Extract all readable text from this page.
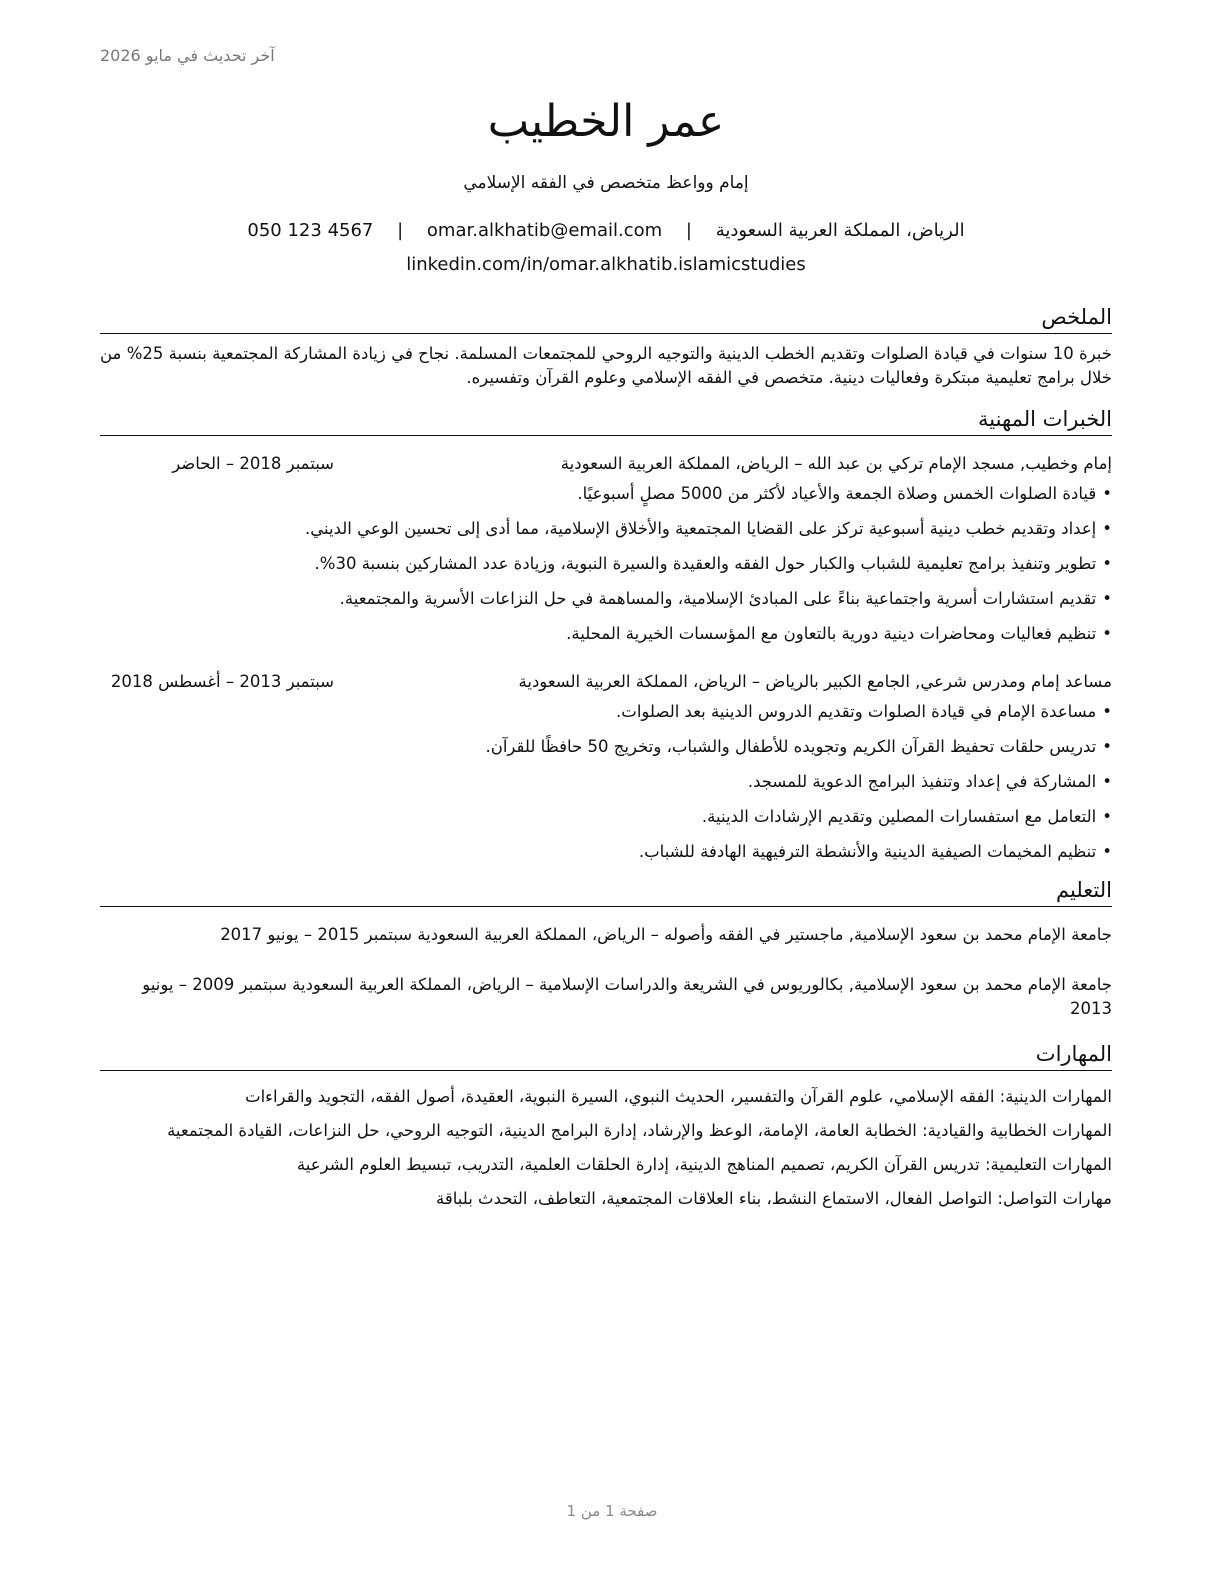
آخر تحديث في مايو 2026
عمر الخطيب
إمام وواعظ متخصص في الفقه الإسلامي
الرياض، المملكة العربية السعودية | omar.alkhatib@email.com | 050 123 4567
linkedin.com/in/omar.alkhatib.islamicstudies
الملخص
خبرة 10 سنوات في قيادة الصلوات وتقديم الخطب الدينية والتوجيه الروحي للمجتمعات المسلمة. نجاح في زيادة المشاركة المجتمعية بنسبة 25% من خلال برامج تعليمية مبتكرة وفعاليات دينية. متخصص في الفقه الإسلامي وعلوم القرآن وتفسيره.
الخبرات المهنية
إمام وخطيب, مسجد الإمام تركي بن عبد الله – الرياض، المملكة العربية السعودية
سبتمبر 2018 – الحاضر
•قيادة الصلوات الخمس وصلاة الجمعة والأعياد لأكثر من 5000 مصلٍ أسبوعيًا.
•إعداد وتقديم خطب دينية أسبوعية تركز على القضايا المجتمعية والأخلاق الإسلامية، مما أدى إلى تحسين الوعي الديني.
•تطوير وتنفيذ برامج تعليمية للشباب والكبار حول الفقه والعقيدة والسيرة النبوية، وزيادة عدد المشاركين بنسبة 30%.
•تقديم استشارات أسرية واجتماعية بناءً على المبادئ الإسلامية، والمساهمة في حل النزاعات الأسرية والمجتمعية.
•تنظيم فعاليات ومحاضرات دينية دورية بالتعاون مع المؤسسات الخيرية المحلية.
مساعد إمام ومدرس شرعي, الجامع الكبير بالرياض – الرياض، المملكة العربية السعودية
سبتمبر 2013 – أغسطس 2018
•مساعدة الإمام في قيادة الصلوات وتقديم الدروس الدينية بعد الصلوات.
•تدريس حلقات تحفيظ القرآن الكريم وتجويده للأطفال والشباب، وتخريج 50 حافظًا للقرآن.
•المشاركة في إعداد وتنفيذ البرامج الدعوية للمسجد.
•التعامل مع استفسارات المصلين وتقديم الإرشادات الدينية.
•تنظيم المخيمات الصيفية الدينية والأنشطة الترفيهية الهادفة للشباب.
التعليم
جامعة الإمام محمد بن سعود الإسلامية, ماجستير في الفقه وأصوله – الرياض، المملكة العربية السعودية سبتمبر 2015 – يونيو 2017
جامعة الإمام محمد بن سعود الإسلامية, بكالوريوس في الشريعة والدراسات الإسلامية – الرياض، المملكة العربية السعودية سبتمبر 2009 – يونيو 2013
المهارات
المهارات الدينية: الفقه الإسلامي، علوم القرآن والتفسير، الحديث النبوي، السيرة النبوية، العقيدة، أصول الفقه، التجويد والقراءات
المهارات الخطابية والقيادية: الخطابة العامة، الإمامة، الوعظ والإرشاد، إدارة البرامج الدينية، التوجيه الروحي، حل النزاعات، القيادة المجتمعية
المهارات التعليمية: تدريس القرآن الكريم، تصميم المناهج الدينية، إدارة الحلقات العلمية، التدريب، تبسيط العلوم الشرعية
مهارات التواصل: التواصل الفعال، الاستماع النشط، بناء العلاقات المجتمعية، التعاطف، التحدث بلباقة
صفحة 1 من 1
